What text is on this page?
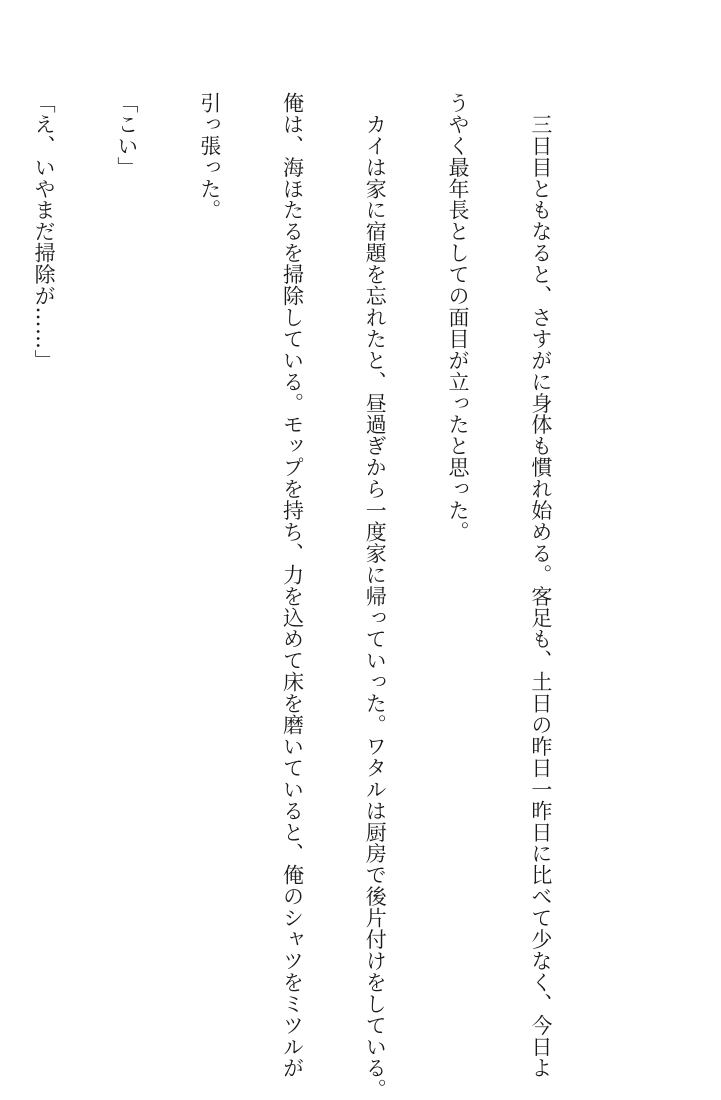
　三日目ともなると、さすがに身体も慣れ始める。客足も、土日の昨日一昨日に比べて少なく、今日よ

うやく最年長としての面目が立ったと思った。

　カイは家に宿題を忘れたと、昼過ぎから一度家に帰っていった。ワタルは厨房で後片付けをしている。

俺は、海ほたるを掃除している。モップを持ち、力を込めて床を磨いていると、俺のシャツをミツルが

引っ張った。

「こい」

「え、いやまだ掃除が……」
